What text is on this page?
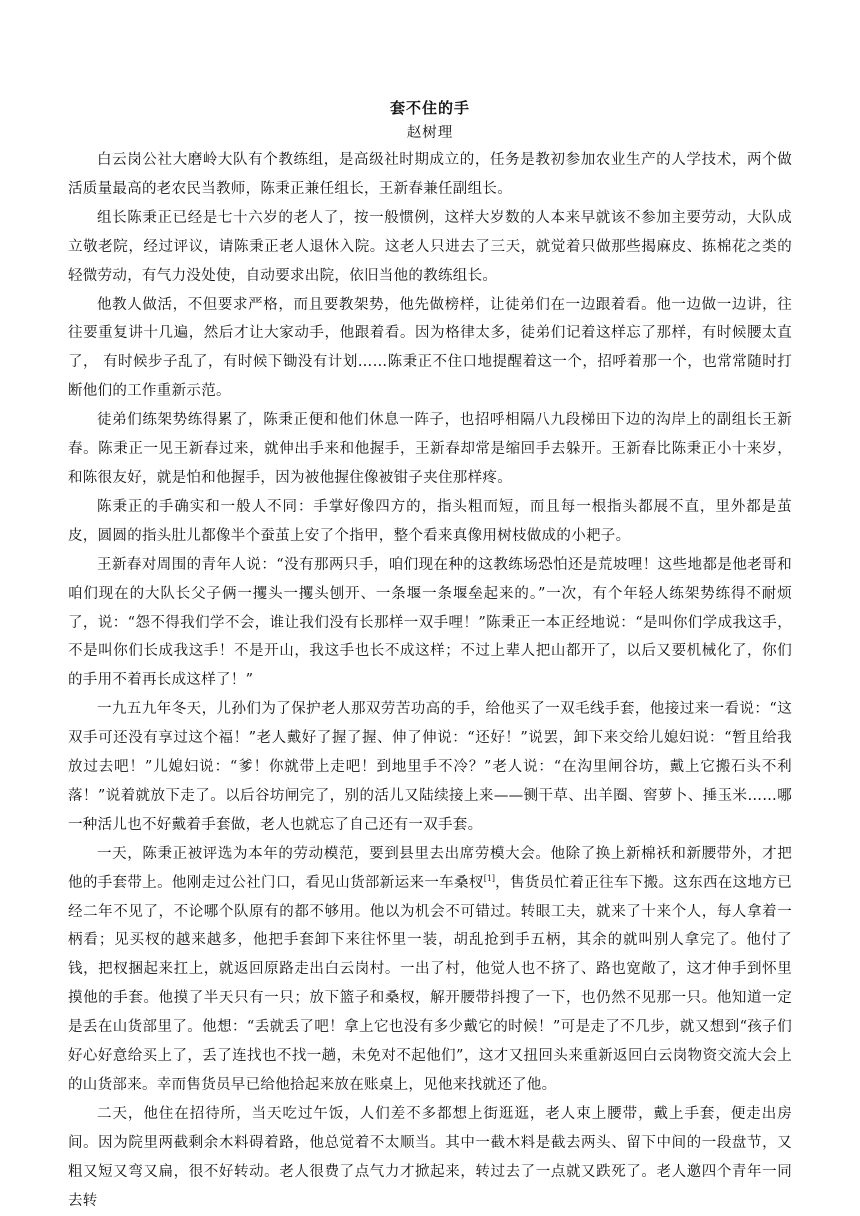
套不住的手
赵树理

白云岗公社大磨岭大队有个教练组，是高级社时期成立的，任务是教初参加农业生产的人学技术，两个做活质量最高的老农民当教师，陈秉正兼任组长，王新春兼任副组长。

组长陈秉正已经是七十六岁的老人了，按一般惯例，这样大岁数的人本来早就该不参加主要劳动，大队成立敬老院，经过评议，请陈秉正老人退休入院。这老人只进去了三天，就觉着只做那些揭麻皮、拣棉花之类的轻微劳动，有气力没处使，自动要求出院，依旧当他的教练组长。

他教人做活，不但要求严格，而且要教架势，他先做榜样，让徒弟们在一边跟着看。他一边做一边讲，往往要重复讲十几遍，然后才让大家动手，他跟着看。因为格律太多，徒弟们记着这样忘了那样，有时候腰太直了， 有时候步子乱了，有时候下锄没有计划……陈秉正不住口地提醒着这一个，招呼着那一个，也常常随时打断他们的工作重新示范。

徒弟们练架势练得累了，陈秉正便和他们休息一阵子，也招呼相隔八九段梯田下边的沟岸上的副组长王新春。陈秉正一见王新春过来，就伸出手来和他握手，王新春却常是缩回手去躲开。王新春比陈秉正小十来岁，和陈很友好，就是怕和他握手，因为被他握住像被钳子夹住那样疼。

陈秉正的手确实和一般人不同：手掌好像四方的，指头粗而短，而且每一根指头都展不直，里外都是茧皮，圆圆的指头肚儿都像半个蚕茧上安了个指甲，整个看来真像用树枝做成的小耙子。

王新春对周围的青年人说：“没有那两只手，咱们现在种的这教练场恐怕还是荒坡哩！这些地都是他老哥和咱们现在的大队长父子俩一攫头一攫头刨开、一条堰一条堰垒起来的。”一次，有个年轻人练架势练得不耐烦了，说：“怨不得我们学不会，谁让我们没有长那样一双手哩！”陈秉正一本正经地说：“是叫你们学成我这手，不是叫你们长成我这手！不是开山，我这手也长不成这样；不过上辈人把山都开了，以后又要机械化了，你们的手用不着再长成这样了！”

一九五九年冬天，儿孙们为了保护老人那双劳苦功高的手，给他买了一双毛线手套，他接过来一看说：“这双手可还没有享过这个福！”老人戴好了握了握、伸了伸说：“还好！”说罢，卸下来交给儿媳妇说：“暂且给我放过去吧！”儿媳妇说：“爹！你就带上走吧！到地里手不冷？”老人说：“在沟里闸谷坊，戴上它搬石头不利落！”说着就放下走了。以后谷坊闸完了，别的活儿又陆续接上来——铡干草、出羊圈、窖萝卜、捶玉米……哪一种活儿也不好戴着手套做，老人也就忘了自己还有一双手套。

一天，陈秉正被评选为本年的劳动模范，要到县里去出席劳模大会。他除了换上新棉袄和新腰带外，才把他的手套带上。他刚走过公社门口，看见山货部新运来一车桑杈[1]，售货员忙着正往车下搬。这东西在这地方已经二年不见了，不论哪个队原有的都不够用。他以为机会不可错过。转眼工夫，就来了十来个人，每人拿着一柄看；见买杈的越来越多，他把手套卸下来往怀里一装，胡乱抢到手五柄，其余的就叫别人拿完了。他付了钱，把杈捆起来扛上，就返回原路走出白云岗村。一出了村，他觉人也不挤了、路也宽敞了，这才伸手到怀里摸他的手套。他摸了半天只有一只；放下篮子和桑杈，解开腰带抖搜了一下，也仍然不见那一只。他知道一定是丢在山货部里了。他想：“丢就丢了吧！拿上它也没有多少戴它的时候！”可是走了不几步，就又想到“孩子们好心好意给买上了，丢了连找也不找一趟，未免对不起他们”，这才又扭回头来重新返回白云岗物资交流大会上的山货部来。幸而售货员早已给他拾起来放在账桌上，见他来找就还了他。

二天，他住在招待所，当天吃过午饭，人们差不多都想上街逛逛，老人束上腰带，戴上手套，便走出房间。因为院里两截剩余木料碍着路，他总觉着不太顺当。其中一截木料是截去两头、留下中间的一段盘节，又粗又短又弯又扁，很不好转动。老人很费了点气力才掀起来，转过去了一点就又跌死了。老人邀四个青年一同去转
